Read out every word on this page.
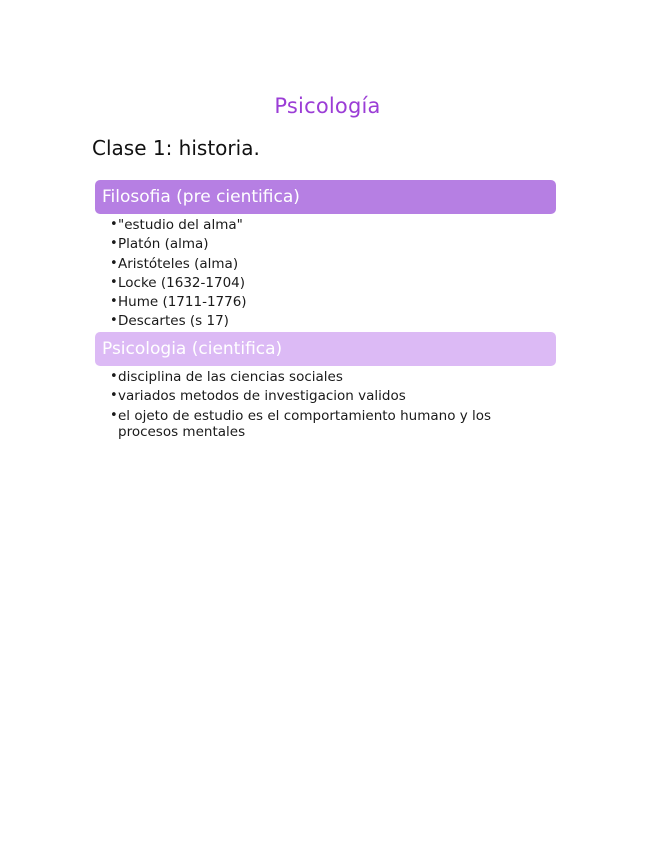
Psicología
Clase 1: historia.
Filosofia (pre cientifica)
• "estudio del alma"
• Platón (alma)
• Aristóteles (alma)
• Locke (1632-1704)
• Hume (1711-1776)
• Descartes (s 17)
Psicologia (cientifica)
• disciplina de las ciencias sociales
• variados metodos de investigacion validos
• el ojeto de estudio es el comportamiento humano y los procesos mentales
